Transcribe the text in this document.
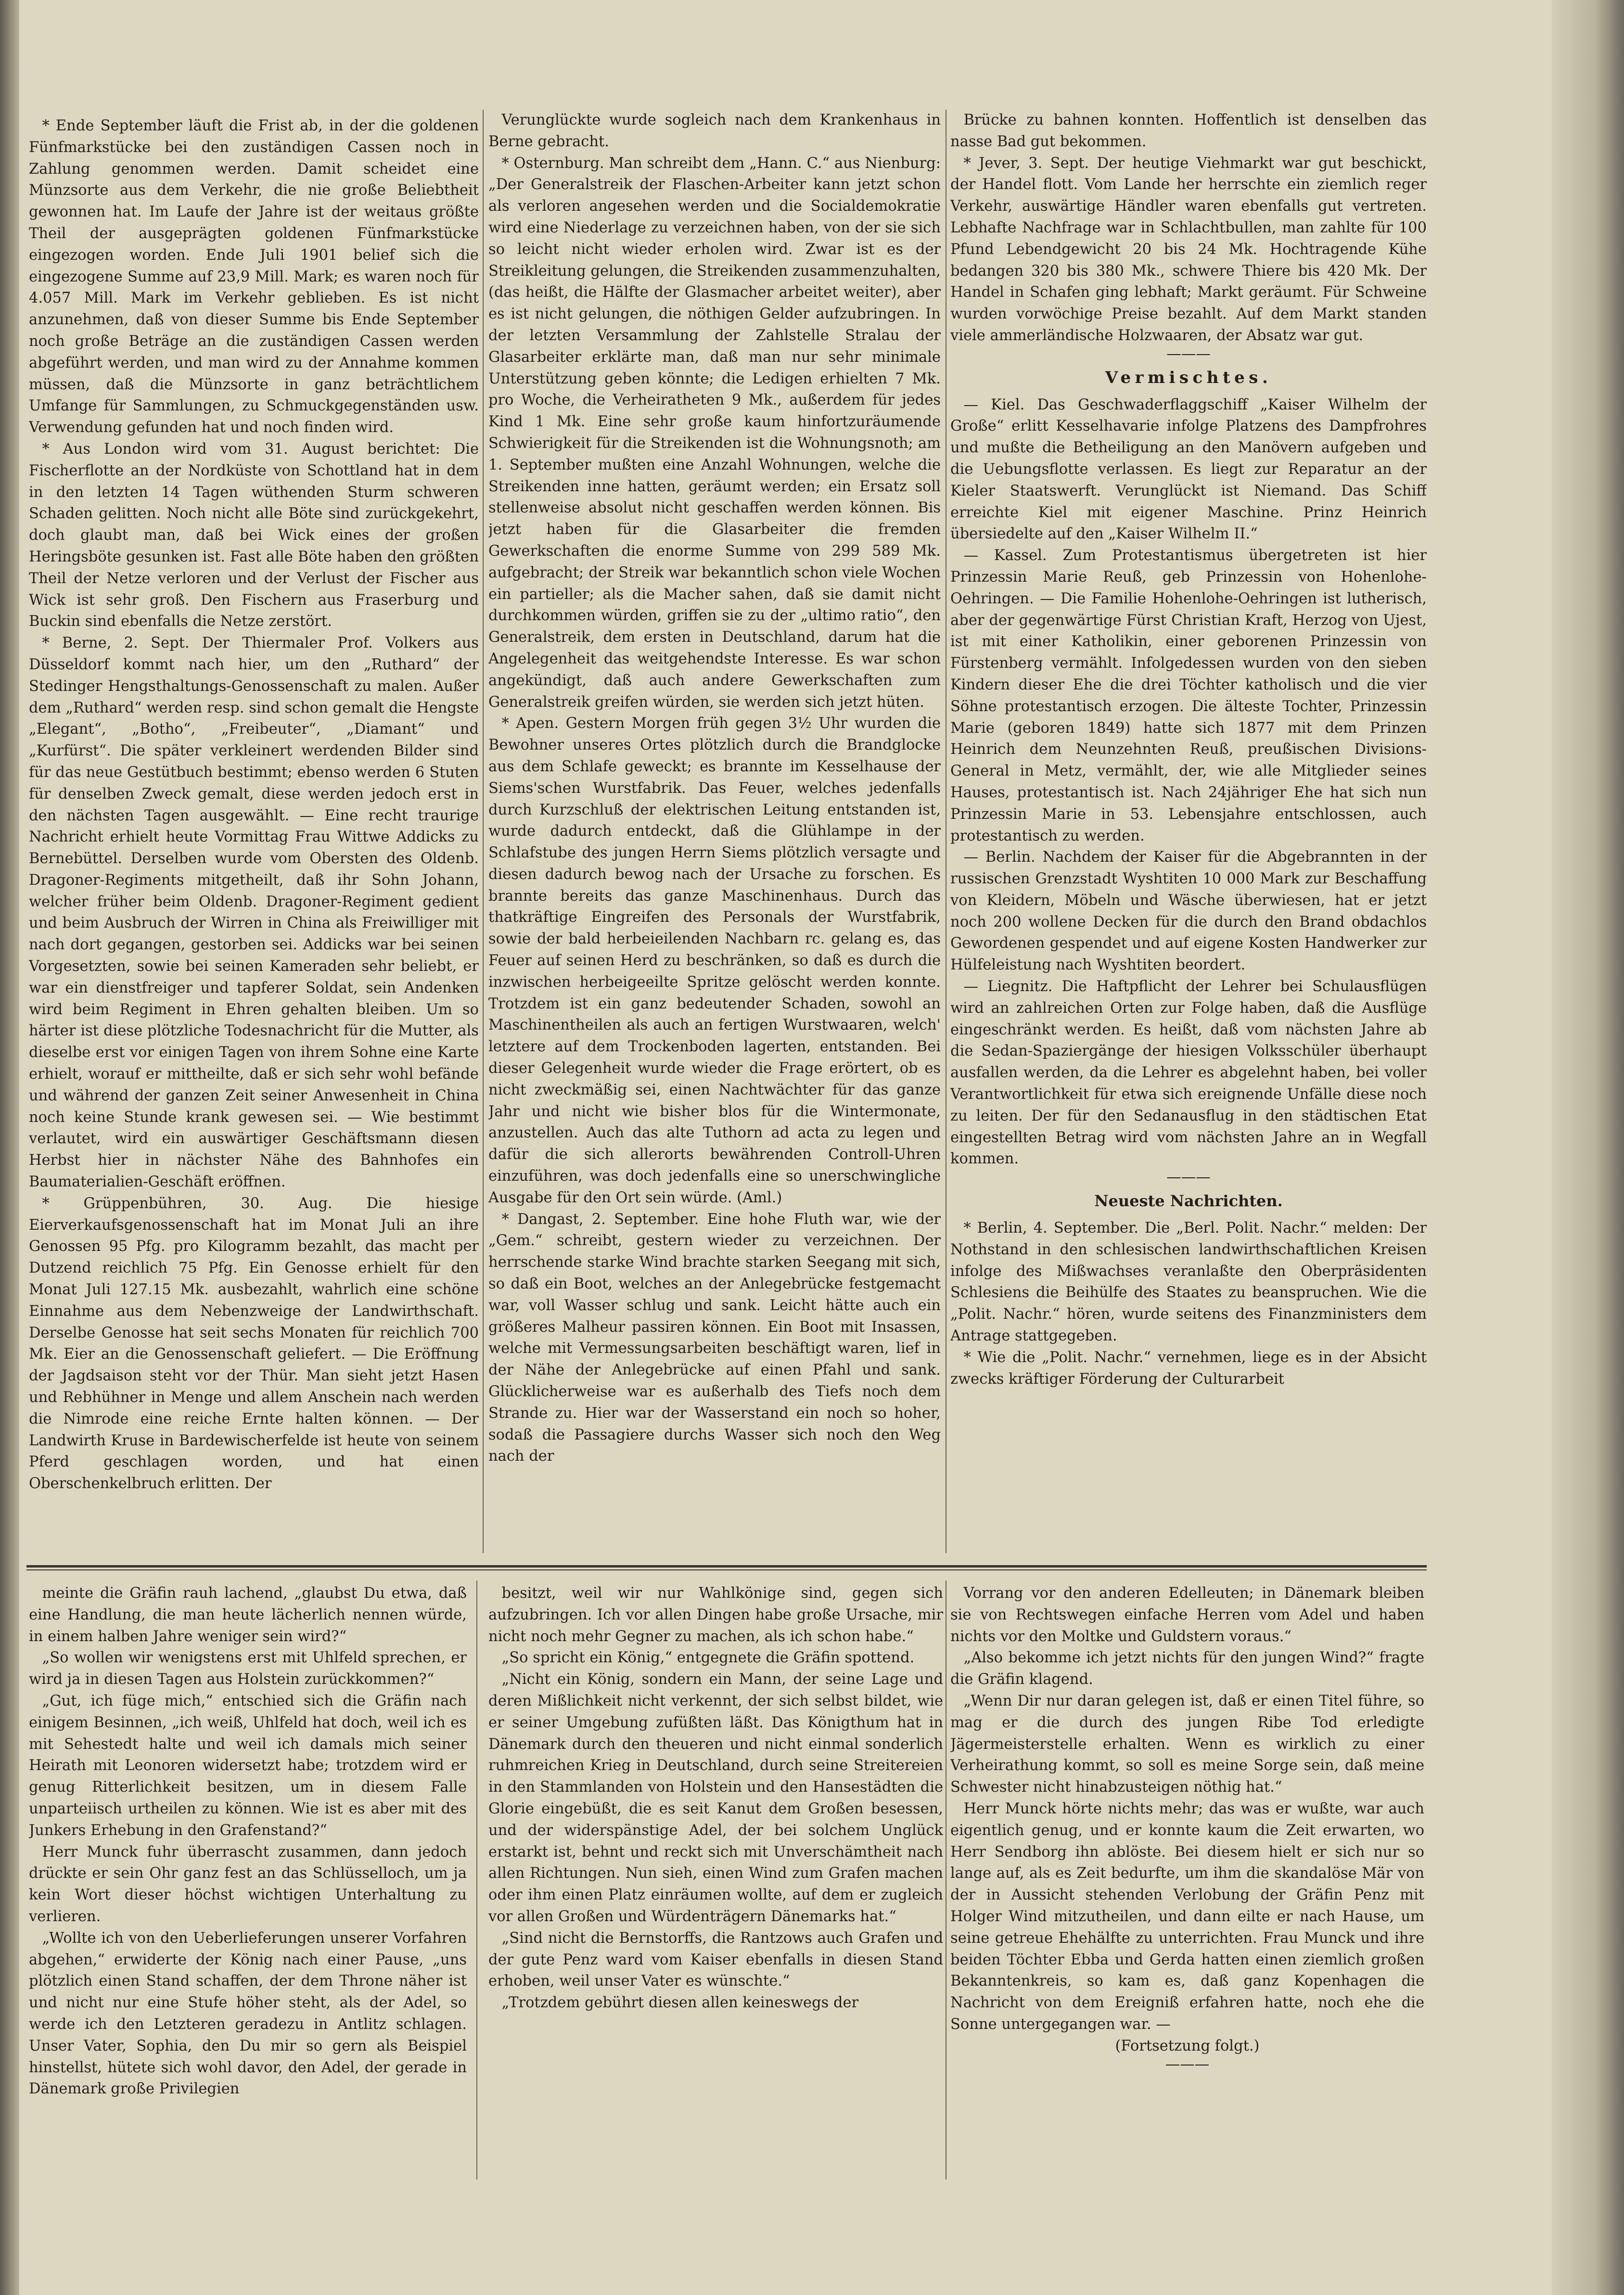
* Ende September läuft die Frist ab, in der die goldenen Fünfmarkstücke bei den zuständigen Cassen noch in Zahlung genommen werden. Damit scheidet eine Münzsorte aus dem Verkehr, die nie große Beliebtheit gewonnen hat. Im Laufe der Jahre ist der weitaus größte Theil der ausgeprägten goldenen Fünfmarkstücke eingezogen worden. Ende Juli 1901 belief sich die eingezogene Summe auf 23,9 Mill. Mark; es waren noch für 4.057 Mill. Mark im Verkehr geblieben. Es ist nicht anzunehmen, daß von dieser Summe bis Ende September noch große Beträge an die zuständigen Cassen werden abgeführt werden, und man wird zu der Annahme kommen müssen, daß die Münzsorte in ganz beträchtlichem Umfange für Sammlungen, zu Schmuckgegenständen usw. Verwendung gefunden hat und noch finden wird.

* Aus London wird vom 31. August berichtet: Die Fischerflotte an der Nordküste von Schottland hat in dem in den letzten 14 Tagen wüthenden Sturm schweren Schaden gelitten. Noch nicht alle Böte sind zurückgekehrt, doch glaubt man, daß bei Wick eines der großen Heringsböte gesunken ist. Fast alle Böte haben den größten Theil der Netze verloren und der Verlust der Fischer aus Wick ist sehr groß. Den Fischern aus Fraserburg und Buckin sind ebenfalls die Netze zerstört.

* Berne, 2. Sept. Der Thiermaler Prof. Volkers aus Düsseldorf kommt nach hier, um den „Ruthard“ der Stedinger Hengsthaltungs-Genossenschaft zu malen. Außer dem „Ruthard“ werden resp. sind schon gemalt die Hengste „Elegant“, „Botho“, „Freibeuter“, „Diamant“ und „Kurfürst“. Die später verkleinert werdenden Bilder sind für das neue Gestütbuch bestimmt; ebenso werden 6 Stuten für denselben Zweck gemalt, diese werden jedoch erst in den nächsten Tagen ausgewählt. — Eine recht traurige Nachricht erhielt heute Vormittag Frau Wittwe Addicks zu Bernebüttel. Derselben wurde vom Obersten des Oldenb. Dragoner-Regiments mitgetheilt, daß ihr Sohn Johann, welcher früher beim Oldenb. Dragoner-Regiment gedient und beim Ausbruch der Wirren in China als Freiwilliger mit nach dort gegangen, gestorben sei. Addicks war bei seinen Vorgesetzten, sowie bei seinen Kameraden sehr beliebt, er war ein dienstfreiger und tapferer Soldat, sein Andenken wird beim Regiment in Ehren gehalten bleiben. Um so härter ist diese plötzliche Todesnachricht für die Mutter, als dieselbe erst vor einigen Tagen von ihrem Sohne eine Karte erhielt, worauf er mittheilte, daß er sich sehr wohl befände und während der ganzen Zeit seiner Anwesenheit in China noch keine Stunde krank gewesen sei. — Wie bestimmt verlautet, wird ein auswärtiger Geschäftsmann diesen Herbst hier in nächster Nähe des Bahnhofes ein Baumaterialien-Geschäft eröffnen.

* Grüppenbühren, 30. Aug. Die hiesige Eierverkaufsgenossenschaft hat im Monat Juli an ihre Genossen 95 Pfg. pro Kilogramm bezahlt, das macht per Dutzend reichlich 75 Pfg. Ein Genosse erhielt für den Monat Juli 127.15 Mk. ausbezahlt, wahrlich eine schöne Einnahme aus dem Nebenzweige der Landwirthschaft. Derselbe Genosse hat seit sechs Monaten für reichlich 700 Mk. Eier an die Genossenschaft geliefert. — Die Eröffnung der Jagdsaison steht vor der Thür. Man sieht jetzt Hasen und Rebhühner in Menge und allem Anschein nach werden die Nimrode eine reiche Ernte halten können. — Der Landwirth Kruse in Bardewischerfelde ist heute von seinem Pferd geschlagen worden, und hat einen Oberschenkelbruch erlitten. Der

Verunglückte wurde sogleich nach dem Krankenhaus in Berne gebracht.

* Osternburg. Man schreibt dem „Hann. C.“ aus Nienburg: „Der Generalstreik der Flaschen-Arbeiter kann jetzt schon als verloren angesehen werden und die Socialdemokratie wird eine Niederlage zu verzeichnen haben, von der sie sich so leicht nicht wieder erholen wird. Zwar ist es der Streikleitung gelungen, die Streikenden zusammenzuhalten, (das heißt, die Hälfte der Glasmacher arbeitet weiter), aber es ist nicht gelungen, die nöthigen Gelder aufzubringen. In der letzten Versammlung der Zahlstelle Stralau der Glasarbeiter erklärte man, daß man nur sehr minimale Unterstützung geben könnte; die Ledigen erhielten 7 Mk. pro Woche, die Verheiratheten 9 Mk., außerdem für jedes Kind 1 Mk. Eine sehr große kaum hinfortzuräumende Schwierigkeit für die Streikenden ist die Wohnungsnoth; am 1. September mußten eine Anzahl Wohnungen, welche die Streikenden inne hatten, geräumt werden; ein Ersatz soll stellenweise absolut nicht geschaffen werden können. Bis jetzt haben für die Glasarbeiter die fremden Gewerkschaften die enorme Summe von 299 589 Mk. aufgebracht; der Streik war bekanntlich schon viele Wochen ein partieller; als die Macher sahen, daß sie damit nicht durchkommen würden, griffen sie zu der „ultimo ratio“, den Generalstreik, dem ersten in Deutschland, darum hat die Angelegenheit das weitgehendste Interesse. Es war schon angekündigt, daß auch andere Gewerkschaften zum Generalstreik greifen würden, sie werden sich jetzt hüten.

* Apen. Gestern Morgen früh gegen 3½ Uhr wurden die Bewohner unseres Ortes plötzlich durch die Brandglocke aus dem Schlafe geweckt; es brannte im Kesselhause der Siems'schen Wurstfabrik. Das Feuer, welches jedenfalls durch Kurzschluß der elektrischen Leitung entstanden ist, wurde dadurch entdeckt, daß die Glühlampe in der Schlafstube des jungen Herrn Siems plötzlich versagte und diesen dadurch bewog nach der Ursache zu forschen. Es brannte bereits das ganze Maschinenhaus. Durch das thatkräftige Eingreifen des Personals der Wurstfabrik, sowie der bald herbeieilenden Nachbarn rc. gelang es, das Feuer auf seinen Herd zu beschränken, so daß es durch die inzwischen herbeigeeilte Spritze gelöscht werden konnte. Trotzdem ist ein ganz bedeutender Schaden, sowohl an Maschinentheilen als auch an fertigen Wurstwaaren, welch' letztere auf dem Trockenboden lagerten, entstanden. Bei dieser Gelegenheit wurde wieder die Frage erörtert, ob es nicht zweckmäßig sei, einen Nachtwächter für das ganze Jahr und nicht wie bisher blos für die Wintermonate, anzustellen. Auch das alte Tuthorn ad acta zu legen und dafür die sich allerorts bewährenden Controll-Uhren einzuführen, was doch jedenfalls eine so unerschwingliche Ausgabe für den Ort sein würde. (Aml.)

* Dangast, 2. September. Eine hohe Fluth war, wie der „Gem.“ schreibt, gestern wieder zu verzeichnen. Der herrschende starke Wind brachte starken Seegang mit sich, so daß ein Boot, welches an der Anlegebrücke festgemacht war, voll Wasser schlug und sank. Leicht hätte auch ein größeres Malheur passiren können. Ein Boot mit Insassen, welche mit Vermessungsarbeiten beschäftigt waren, lief in der Nähe der Anlegebrücke auf einen Pfahl und sank. Glücklicherweise war es außerhalb des Tiefs noch dem Strande zu. Hier war der Wasserstand ein noch so hoher, sodaß die Passagiere durchs Wasser sich noch den Weg nach der

Brücke zu bahnen konnten. Hoffentlich ist denselben das nasse Bad gut bekommen.

* Jever, 3. Sept. Der heutige Viehmarkt war gut beschickt, der Handel flott. Vom Lande her herrschte ein ziemlich reger Verkehr, auswärtige Händler waren ebenfalls gut vertreten. Lebhafte Nachfrage war in Schlachtbullen, man zahlte für 100 Pfund Lebendgewicht 20 bis 24 Mk. Hochtragende Kühe bedangen 320 bis 380 Mk., schwere Thiere bis 420 Mk. Der Handel in Schafen ging lebhaft; Markt geräumt. Für Schweine wurden vorwöchige Preise bezahlt. Auf dem Markt standen viele ammerländische Holzwaaren, der Absatz war gut.

———

Vermischtes.

— Kiel. Das Geschwaderflaggschiff „Kaiser Wilhelm der Große“ erlitt Kesselhavarie infolge Platzens des Dampfrohres und mußte die Betheiligung an den Manövern aufgeben und die Uebungsflotte verlassen. Es liegt zur Reparatur an der Kieler Staatswerft. Verunglückt ist Niemand. Das Schiff erreichte Kiel mit eigener Maschine. Prinz Heinrich übersiedelte auf den „Kaiser Wilhelm II.“

— Kassel. Zum Protestantismus übergetreten ist hier Prinzessin Marie Reuß, geb Prinzessin von Hohenlohe-Oehringen. — Die Familie Hohenlohe-Oehringen ist lutherisch, aber der gegenwärtige Fürst Christian Kraft, Herzog von Ujest, ist mit einer Katholikin, einer geborenen Prinzessin von Fürstenberg vermählt. Infolgedessen wurden von den sieben Kindern dieser Ehe die drei Töchter katholisch und die vier Söhne protestantisch erzogen. Die älteste Tochter, Prinzessin Marie (geboren 1849) hatte sich 1877 mit dem Prinzen Heinrich dem Neunzehnten Reuß, preußischen Divisions-General in Metz, vermählt, der, wie alle Mitglieder seines Hauses, protestantisch ist. Nach 24jähriger Ehe hat sich nun Prinzessin Marie in 53. Lebensjahre entschlossen, auch protestantisch zu werden.

— Berlin. Nachdem der Kaiser für die Abgebrannten in der russischen Grenzstadt Wyshtiten 10 000 Mark zur Beschaffung von Kleidern, Möbeln und Wäsche überwiesen, hat er jetzt noch 200 wollene Decken für die durch den Brand obdachlos Gewordenen gespendet und auf eigene Kosten Handwerker zur Hülfeleistung nach Wyshtiten beordert.

— Liegnitz. Die Haftpflicht der Lehrer bei Schulausflügen wird an zahlreichen Orten zur Folge haben, daß die Ausflüge eingeschränkt werden. Es heißt, daß vom nächsten Jahre ab die Sedan-Spaziergänge der hiesigen Volksschüler überhaupt ausfallen werden, da die Lehrer es abgelehnt haben, bei voller Verantwortlichkeit für etwa sich ereignende Unfälle diese noch zu leiten. Der für den Sedanausflug in den städtischen Etat eingestellten Betrag wird vom nächsten Jahre an in Wegfall kommen.

———

Neueste Nachrichten.

* Berlin, 4. September. Die „Berl. Polit. Nachr.“ melden: Der Nothstand in den schlesischen landwirthschaftlichen Kreisen infolge des Mißwachses veranlaßte den Oberpräsidenten Schlesiens die Beihülfe des Staates zu beanspruchen. Wie die „Polit. Nachr.“ hören, wurde seitens des Finanzministers dem Antrage stattgegeben.

* Wie die „Polit. Nachr.“ vernehmen, liege es in der Absicht zwecks kräftiger Förderung der Culturarbeit

meinte die Gräfin rauh lachend, „glaubst Du etwa, daß eine Handlung, die man heute lächerlich nennen würde, in einem halben Jahre weniger sein wird?“

„So wollen wir wenigstens erst mit Uhlfeld sprechen, er wird ja in diesen Tagen aus Holstein zurückkommen?“

„Gut, ich füge mich,“ entschied sich die Gräfin nach einigem Besinnen, „ich weiß, Uhlfeld hat doch, weil ich es mit Sehestedt halte und weil ich damals mich seiner Heirath mit Leonoren widersetzt habe; trotzdem wird er genug Ritterlichkeit besitzen, um in diesem Falle unparteiisch urtheilen zu können. Wie ist es aber mit des Junkers Erhebung in den Grafenstand?“

Herr Munck fuhr überrascht zusammen, dann jedoch drückte er sein Ohr ganz fest an das Schlüsselloch, um ja kein Wort dieser höchst wichtigen Unterhaltung zu verlieren.

„Wollte ich von den Ueberlieferungen unserer Vorfahren abgehen,“ erwiderte der König nach einer Pause, „uns plötzlich einen Stand schaffen, der dem Throne näher ist und nicht nur eine Stufe höher steht, als der Adel, so werde ich den Letzteren geradezu in Antlitz schlagen. Unser Vater, Sophia, den Du mir so gern als Beispiel hinstellst, hütete sich wohl davor, den Adel, der gerade in Dänemark große Privilegien

besitzt, weil wir nur Wahlkönige sind, gegen sich aufzubringen. Ich vor allen Dingen habe große Ursache, mir nicht noch mehr Gegner zu machen, als ich schon habe.“

„So spricht ein König,“ entgegnete die Gräfin spottend.

„Nicht ein König, sondern ein Mann, der seine Lage und deren Mißlichkeit nicht verkennt, der sich selbst bildet, wie er seiner Umgebung zufüßten läßt. Das Königthum hat in Dänemark durch den theueren und nicht einmal sonderlich ruhmreichen Krieg in Deutschland, durch seine Streitereien in den Stammlanden von Holstein und den Hansestädten die Glorie eingebüßt, die es seit Kanut dem Großen besessen, und der widerspänstige Adel, der bei solchem Unglück erstarkt ist, behnt und reckt sich mit Unverschämtheit nach allen Richtungen. Nun sieh, einen Wind zum Grafen machen oder ihm einen Platz einräumen wollte, auf dem er zugleich vor allen Großen und Würdenträgern Dänemarks hat.“

„Sind nicht die Bernstorffs, die Rantzows auch Grafen und der gute Penz ward vom Kaiser ebenfalls in diesen Stand erhoben, weil unser Vater es wünschte.“

„Trotzdem gebührt diesen allen keineswegs der

Vorrang vor den anderen Edelleuten; in Dänemark bleiben sie von Rechtswegen einfache Herren vom Adel und haben nichts vor den Moltke und Guldstern voraus.“

„Also bekomme ich jetzt nichts für den jungen Wind?“ fragte die Gräfin klagend.

„Wenn Dir nur daran gelegen ist, daß er einen Titel führe, so mag er die durch des jungen Ribe Tod erledigte Jägermeisterstelle erhalten. Wenn es wirklich zu einer Verheirathung kommt, so soll es meine Sorge sein, daß meine Schwester nicht hinabzusteigen nöthig hat.“

Herr Munck hörte nichts mehr; das was er wußte, war auch eigentlich genug, und er konnte kaum die Zeit erwarten, wo Herr Sendborg ihn ablöste. Bei diesem hielt er sich nur so lange auf, als es Zeit bedurfte, um ihm die skandalöse Mär von der in Aussicht stehenden Verlobung der Gräfin Penz mit Holger Wind mitzutheilen, und dann eilte er nach Hause, um seine getreue Ehehälfte zu unterrichten. Frau Munck und ihre beiden Töchter Ebba und Gerda hatten einen ziemlich großen Bekanntenkreis, so kam es, daß ganz Kopenhagen die Nachricht von dem Ereigniß erfahren hatte, noch ehe die Sonne untergegangen war. —

(Fortsetzung folgt.)

———
